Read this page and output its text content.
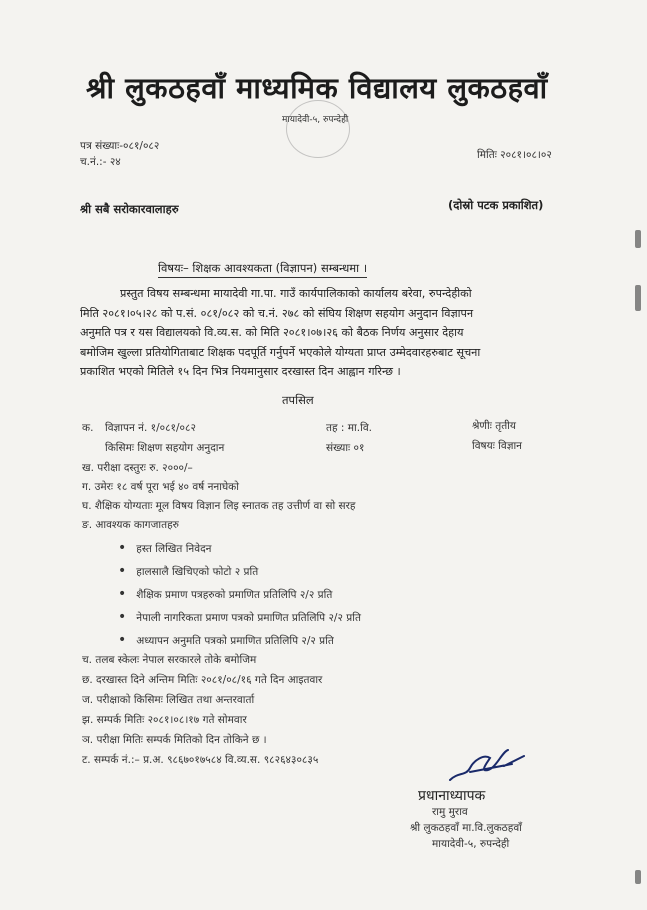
श्री लुकठहवाँ माध्यमिक विद्यालय लुकठहवाँ
मायादेवी-५, रुपन्देही
पत्र संख्याः-०८१/०८२
च.नं.:- २४
मितिः २०८१।०८।०२
श्री सबै सरोकारवालाहरु	(दोस्रो पटक प्रकाशित)
विषयः– शिक्षक आवश्यकता (विज्ञापन) सम्बन्धमा ।
प्रस्तुत विषय सम्बन्धमा मायादेवी गा.पा. गाउँ कार्यपालिकाको कार्यालय बरेवा, रुपन्देहीको
मिति २०८१।०५।२८ को प.सं. ०८१/०८२ को च.नं. २७८ को संघिय शिक्षण सहयोग अनुदान विज्ञापन
अनुमति पत्र र यस विद्यालयको वि.व्य.स. को मिति २०८१।०७।२६ को बैठक निर्णय अनुसार देहाय
बमोजिम खुल्ला प्रतियोगिताबाट शिक्षक पदपूर्ति गर्नुपर्ने भएकोले योग्यता प्राप्त उम्मेदवारहरुबाट सूचना
प्रकाशित भएको मितिले १५ दिन भित्र नियमानुसार दरखास्त दिन आह्वान गरिन्छ ।
तपसिल
क. विज्ञापन नं. १/०८१/०८२	तह : मा.वि.	श्रेणीः तृतीय
किसिमः शिक्षण सहयोग अनुदान	संख्याः ०१	विषयः विज्ञान
ख. परीक्षा दस्तुरः रु. २०००/–
ग. उमेरः १८ वर्ष पूरा भई ४० वर्ष ननाघेको
घ. शैक्षिक योग्यताः मूल विषय विज्ञान लिइ स्नातक तह उत्तीर्ण वा सो सरह
ङ. आवश्यक कागजातहरु
• हस्त लिखित निवेदन
• हालसालै खिचिएको फोटो २ प्रति
• शैक्षिक प्रमाण पत्रहरुको प्रमाणित प्रतिलिपि २/२ प्रति
• नेपाली नागरिकता प्रमाण पत्रको प्रमाणित प्रतिलिपि २/२ प्रति
• अध्यापन अनुमति पत्रको प्रमाणित प्रतिलिपि २/२ प्रति
च. तलब स्केलः नेपाल सरकारले तोके बमोजिम
छ. दरखास्त दिने अन्तिम मितिः २०८१/०८/१६ गते दिन आइतवार
ज. परीक्षाको किसिमः लिखित तथा अन्तरवार्ता
झ. सम्पर्क मितिः २०८१।०८।१७ गते सोमवार
ञ. परीक्षा मितिः सम्पर्क मितिको दिन तोकिने छ ।
ट. सम्पर्क नं.:– प्र.अ. ९८६७०१७५८४ वि.व्य.स. ९८२६४३०८३५
प्रधानाध्यापक
रामु मुराव
श्री लुकठहवाँ मा.वि.लुकठहवाँ
मायादेवी-५, रुपन्देही
